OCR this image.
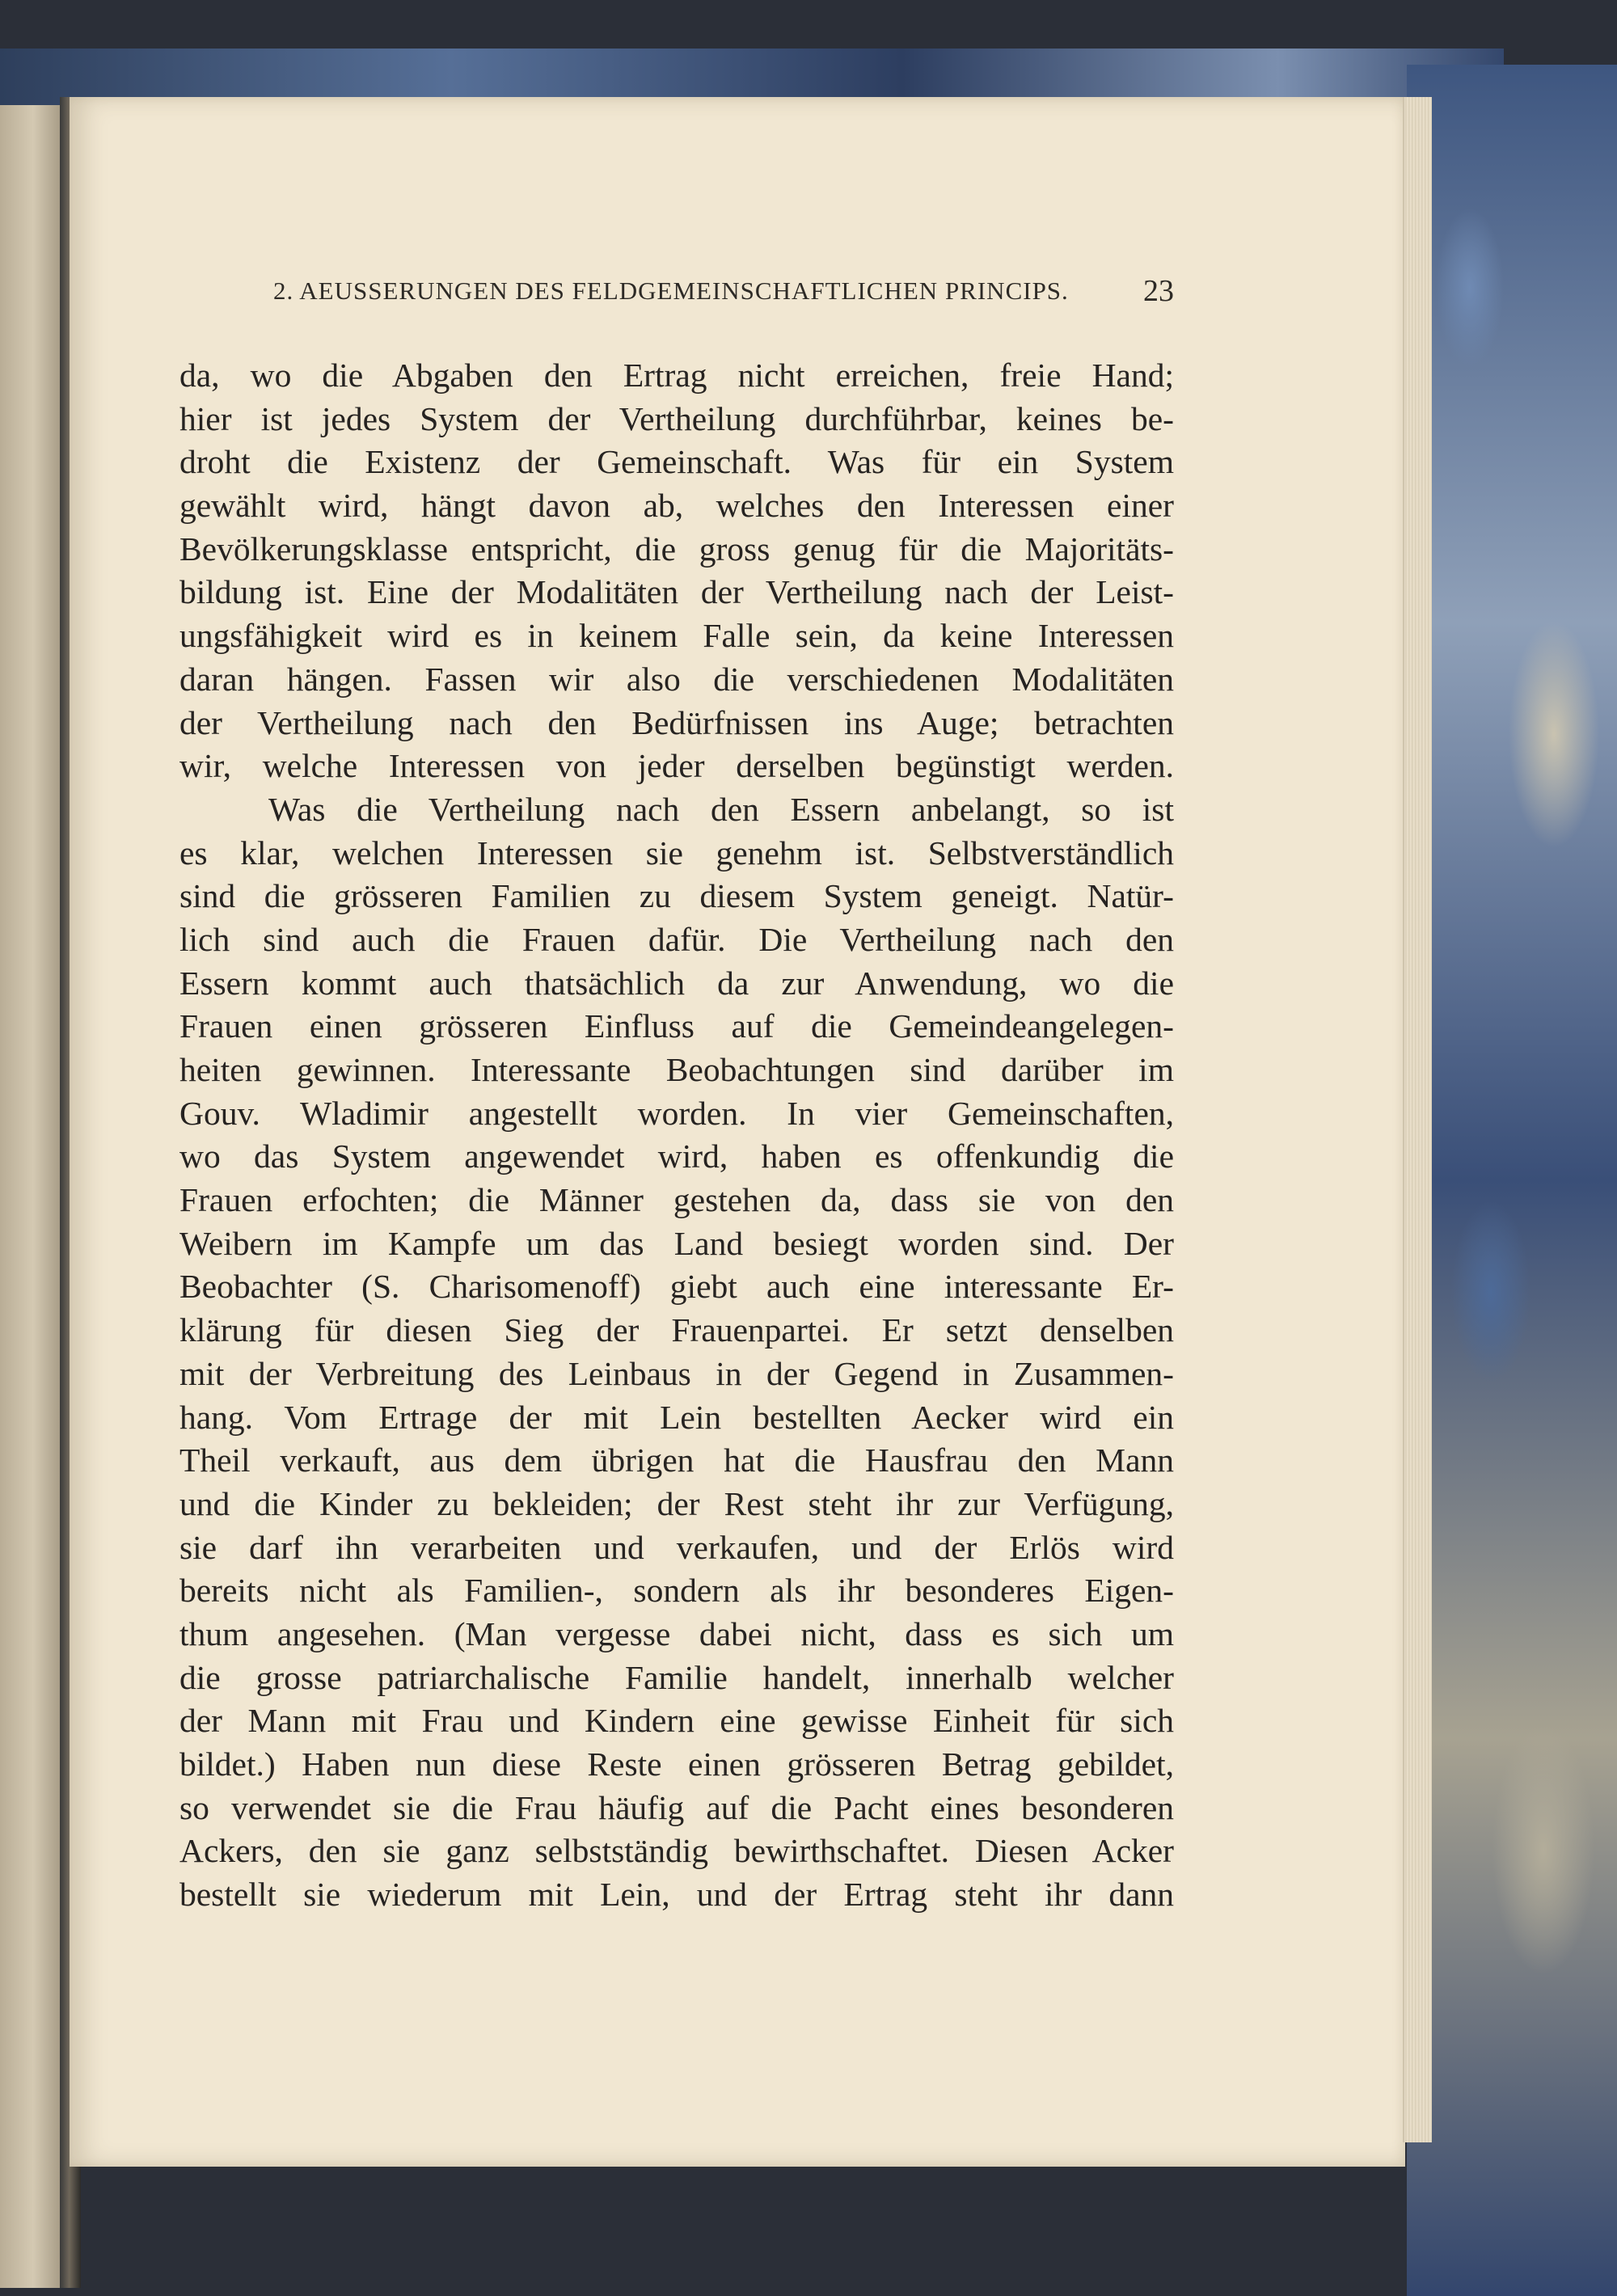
2. AEUSSERUNGEN DES FELDGEMEINSCHAFTLICHEN PRINCIPS.	23
da, wo die Abgaben den Ertrag nicht erreichen, freie Hand;
hier ist jedes System der Vertheilung durchführbar, keines be-
droht die Existenz der Gemeinschaft. Was für ein System
gewählt wird, hängt davon ab, welches den Interessen einer
Bevölkerungsklasse entspricht, die gross genug für die Majoritäts-
bildung ist. Eine der Modalitäten der Vertheilung nach der Leist-
ungsfähigkeit wird es in keinem Falle sein, da keine Interessen
daran hängen. Fassen wir also die verschiedenen Modalitäten
der Vertheilung nach den Bedürfnissen ins Auge; betrachten
wir, welche Interessen von jeder derselben begünstigt werden.
Was die Vertheilung nach den Essern anbelangt, so ist
es klar, welchen Interessen sie genehm ist. Selbstverständlich
sind die grösseren Familien zu diesem System geneigt. Natür-
lich sind auch die Frauen dafür. Die Vertheilung nach den
Essern kommt auch thatsächlich da zur Anwendung, wo die
Frauen einen grösseren Einfluss auf die Gemeindeangelegen-
heiten gewinnen. Interessante Beobachtungen sind darüber im
Gouv. Wladimir angestellt worden. In vier Gemeinschaften,
wo das System angewendet wird, haben es offenkundig die
Frauen erfochten; die Männer gestehen da, dass sie von den
Weibern im Kampfe um das Land besiegt worden sind. Der
Beobachter (S. Charisomenoff) giebt auch eine interessante Er-
klärung für diesen Sieg der Frauenpartei. Er setzt denselben
mit der Verbreitung des Leinbaus in der Gegend in Zusammen-
hang. Vom Ertrage der mit Lein bestellten Aecker wird ein
Theil verkauft, aus dem übrigen hat die Hausfrau den Mann
und die Kinder zu bekleiden; der Rest steht ihr zur Verfügung,
sie darf ihn verarbeiten und verkaufen, und der Erlös wird
bereits nicht als Familien-, sondern als ihr besonderes Eigen-
thum angesehen. (Man vergesse dabei nicht, dass es sich um
die grosse patriarchalische Familie handelt, innerhalb welcher
der Mann mit Frau und Kindern eine gewisse Einheit für sich
bildet.) Haben nun diese Reste einen grösseren Betrag gebildet,
so verwendet sie die Frau häufig auf die Pacht eines besonderen
Ackers, den sie ganz selbstständig bewirthschaftet. Diesen Acker
bestellt sie wiederum mit Lein, und der Ertrag steht ihr dann
